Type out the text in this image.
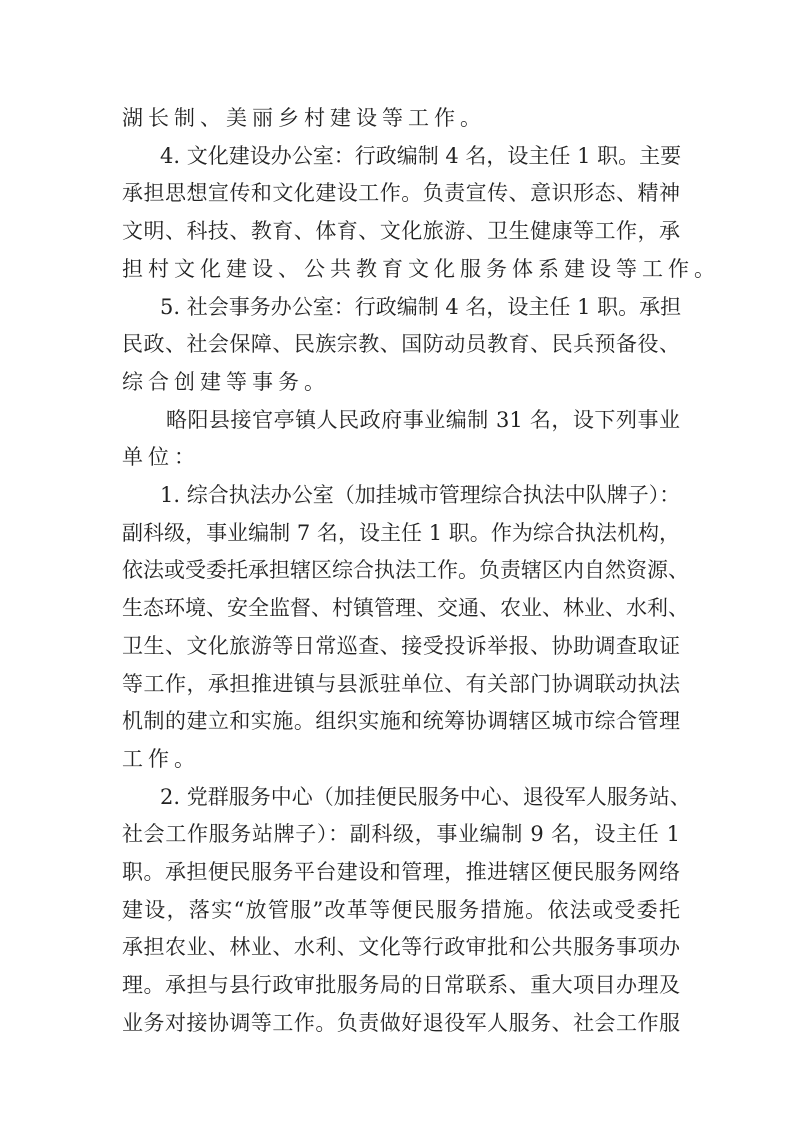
湖长制、美丽乡村建设等工作。
4. 文化建设办公室：行政编制 4 名，设主任 1 职。主要
承担思想宣传和文化建设工作。负责宣传、意识形态、精神
文明、科技、教育、体育、文化旅游、卫生健康等工作，承
担村文化建设、公共教育文化服务体系建设等工作。
5. 社会事务办公室：行政编制 4 名，设主任 1 职。承担
民政、社会保障、民族宗教、国防动员教育、民兵预备役、
综合创建等事务。
略阳县接官亭镇人民政府事业编制 31 名，设下列事业
单位：
1. 综合执法办公室（加挂城市管理综合执法中队牌子）：
副科级，事业编制 7 名，设主任 1 职。作为综合执法机构，
依法或受委托承担辖区综合执法工作。负责辖区内自然资源、
生态环境、安全监督、村镇管理、交通、农业、林业、水利、
卫生、文化旅游等日常巡查、接受投诉举报、协助调查取证
等工作，承担推进镇与县派驻单位、有关部门协调联动执法
机制的建立和实施。组织实施和统筹协调辖区城市综合管理
工作。
2. 党群服务中心（加挂便民服务中心、退役军人服务站、
社会工作服务站牌子）：副科级，事业编制 9 名，设主任 1
职。承担便民服务平台建设和管理，推进辖区便民服务网络
建设，落实“放管服”改革等便民服务措施。依法或受委托
承担农业、林业、水利、文化等行政审批和公共服务事项办
理。承担与县行政审批服务局的日常联系、重大项目办理及
业务对接协调等工作。负责做好退役军人服务、社会工作服
